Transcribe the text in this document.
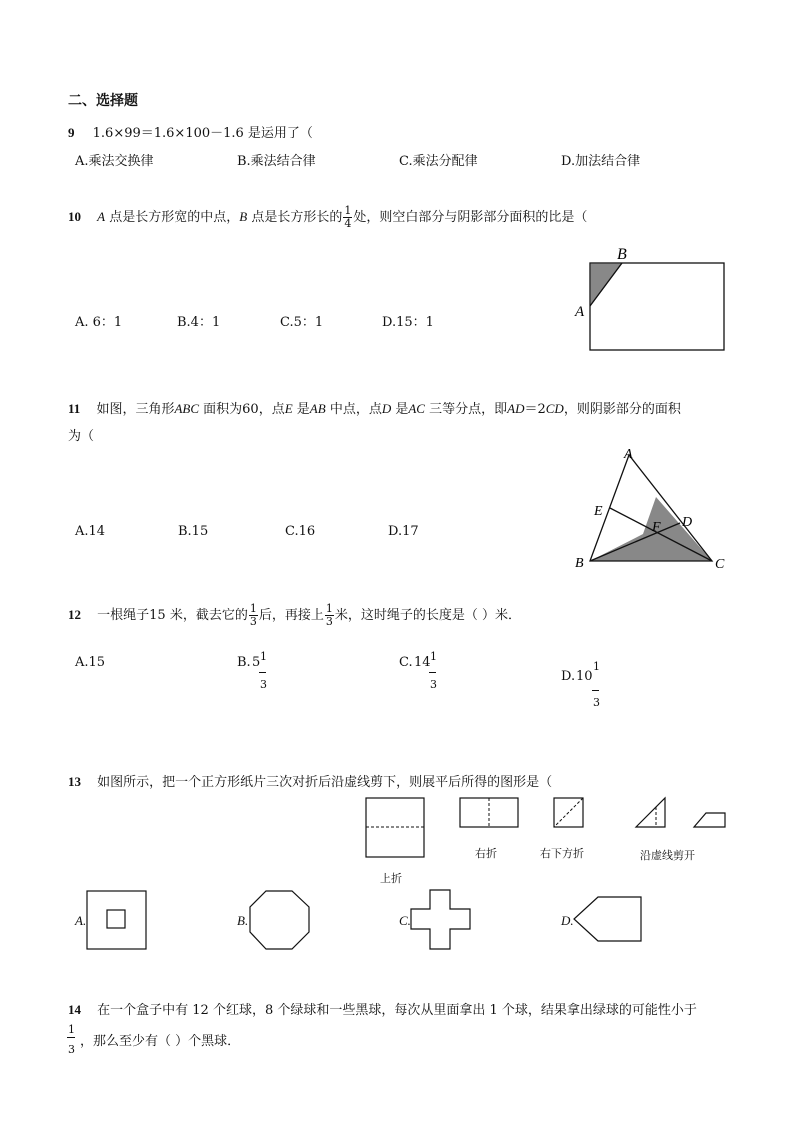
二、选择题
9 1.6×99＝1.6×100－1.6 是运用了（
A.乘法交换律	B.乘法结合律	C.乘法分配律	D.加法结合律
10 A 点是长方形宽的中点，B 点是长方形长的 $\frac{1}{4}$ 处，则空白部分与阴影部分面积的比是（
A. 6：1	B.4：1	C.5：1	D.15：1
B
A
11 如图，三角形ABC 面积为60，点E 是AB 中点，点D 是AC 三等分点，即AD＝2CD，则阴影部分的面积
为（
A.14	B.15	C.16	D.17
A
E
F D
B	C
12 一根绳子15 米，截去它的 $\frac{1}{3}$ 后，再接上 $\frac{1}{3}$ 米，这时绳子的长度是（ ）米．
A.15	B. 5 1
3
C. 14 1
3
D. 10
1
3
13 如图所示，把一个正方形纸片三次对折后沿虚线剪下，则展平后所得的图形是（
上折
右折	右下方折	沿虚线剪开
A.	B.	C.	D.
14 在一个盒子中有 12 个红球，8 个绿球和一些黑球，每次从里面拿出 1 个球，结果拿出绿球的可能性小于
1
3
，那么至少有（ ）个黑球．
